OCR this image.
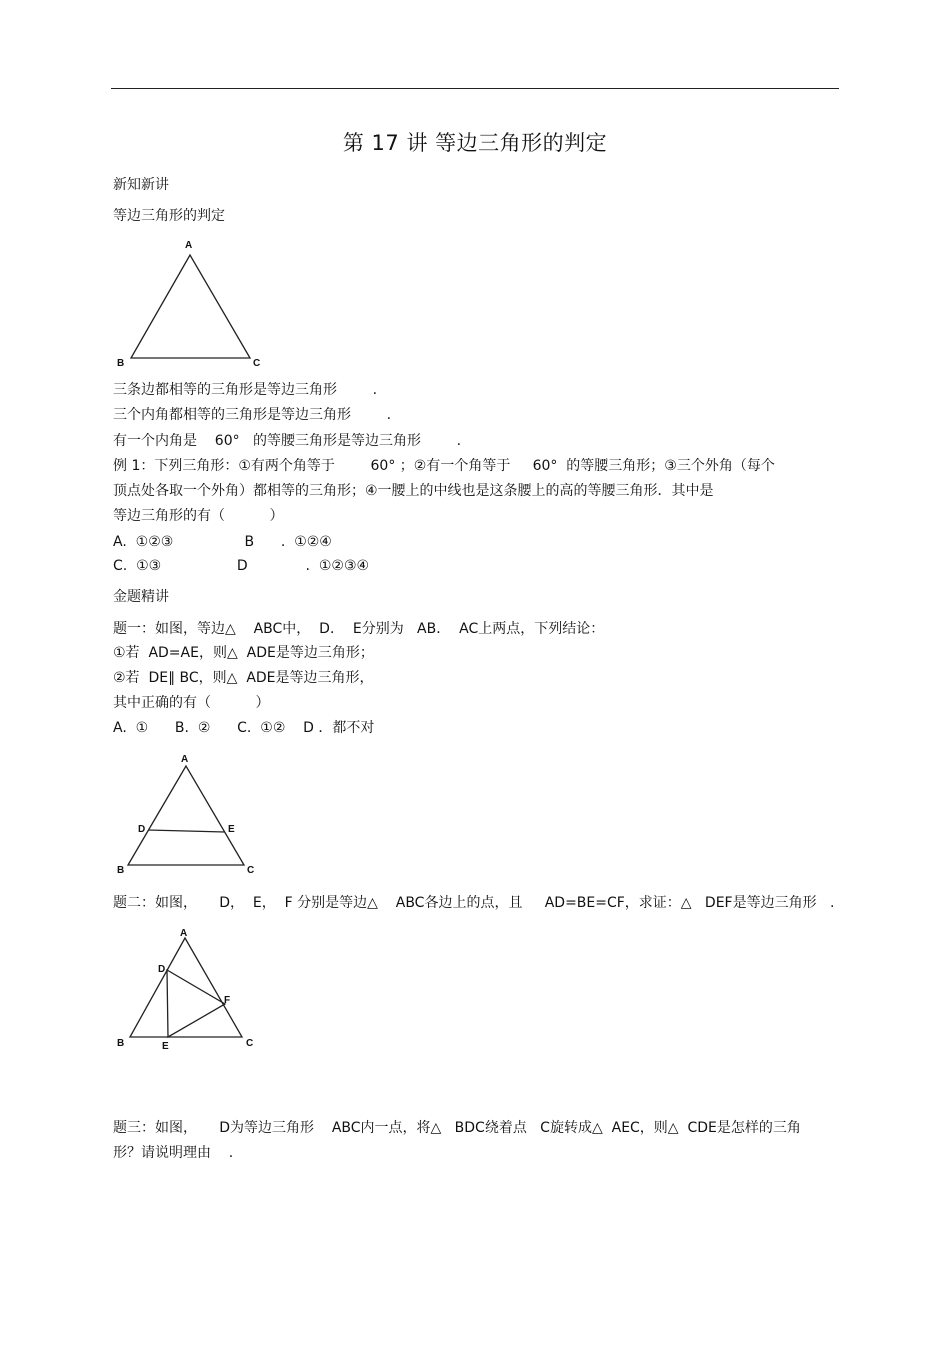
第 17 讲 等边三角形的判定
新知新讲
等边三角形的判定
A
B	C
三条边都相等的三角形是等边三角形        .
三个内角都相等的三角形是等边三角形        .
有一个内角是    60°   的等腰三角形是等边三角形        .
例 1：下列三角形：①有两个角等于        60° ；②有一个角等于     60°  的等腰三角形；③三个外角（每个
顶点处各取一个外角）都相等的三角形；④一腰上的中线也是这条腰上的高的等腰三角形．其中是
等边三角形的有（          ）
A.  ①②③                B      .  ①②④
C.  ①③                 D             .  ①②③④
金题精讲
题一：如图，等边△    ABC中，  D．  E分别为   AB．  AC上两点，下列结论：
①若  AD=AE，则△  ADE是等边三角形；
②若  DE∥ BC，则△  ADE是等边三角形，
其中正确的有（          ）
A.  ①      B.  ②      C.  ①②    D ．都不对
A
D	E
B	C
题二：如图，     D，  E，  F 分别是等边△    ABC各边上的点，且     AD=BE=CF，求证：△   DEF是等边三角形   .
A
D
F
B	E	C
题三：如图，     D为等边三角形    ABC内一点，将△   BDC绕着点   C旋转成△  AEC，则△  CDE是怎样的三角
形？请说明理由    .
